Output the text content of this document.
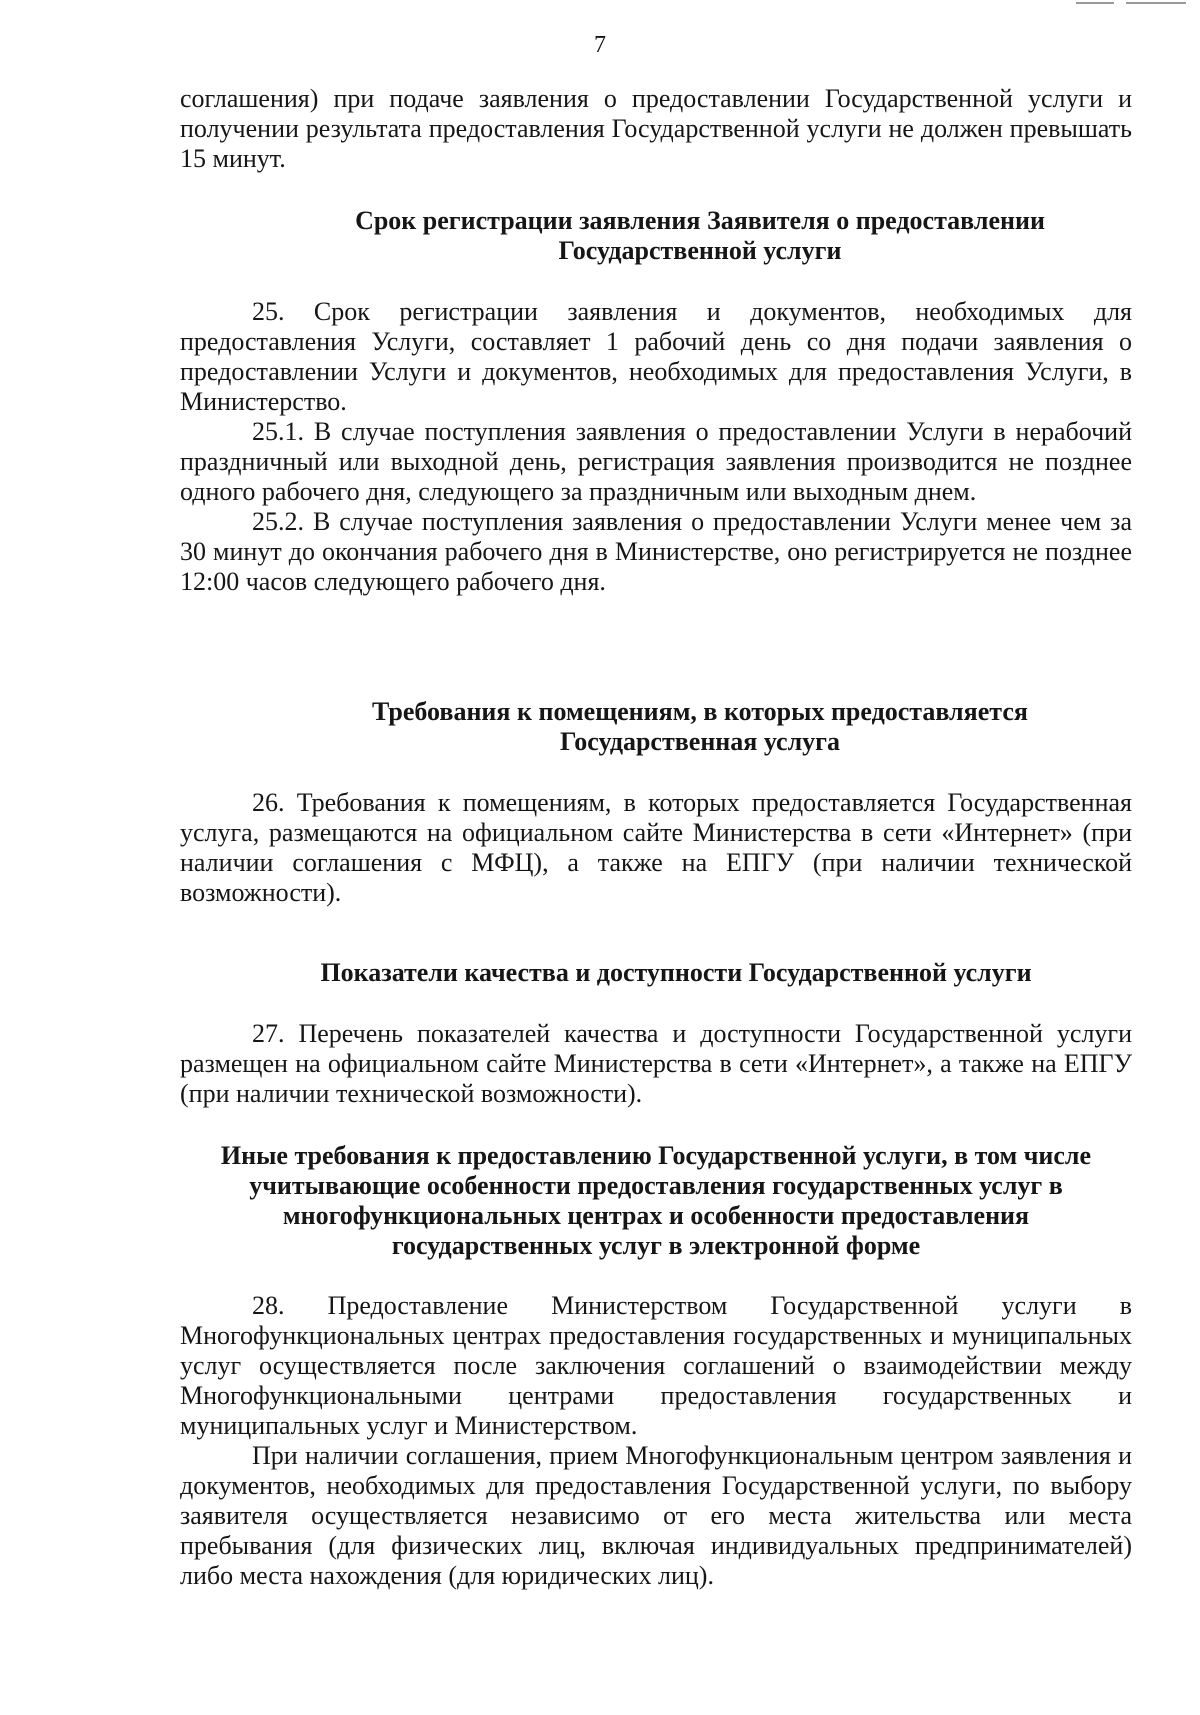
7

соглашения) при подаче заявления о предоставлении Государственной услуги и получении результата предоставления Государственной услуги не должен превышать 15 минут.

Срок регистрации заявления Заявителя о предоставлении Государственной услуги

25. Срок регистрации заявления и документов, необходимых для предоставления Услуги, составляет 1 рабочий день со дня подачи заявления о предоставлении Услуги и документов, необходимых для предоставления Услуги, в Министерство.

25.1. В случае поступления заявления о предоставлении Услуги в нерабочий праздничный или выходной день, регистрация заявления производится не позднее одного рабочего дня, следующего за праздничным или выходным днем.

25.2. В случае поступления заявления о предоставлении Услуги менее чем за 30 минут до окончания рабочего дня в Министерстве, оно регистрируется не позднее 12:00 часов следующего рабочего дня.

Требования к помещениям, в которых предоставляется Государственная услуга

26. Требования к помещениям, в которых предоставляется Государственная услуга, размещаются на официальном сайте Министерства в сети «Интернет» (при наличии соглашения с МФЦ), а также на ЕПГУ (при наличии технической возможности).

Показатели качества и доступности Государственной услуги

27. Перечень показателей качества и доступности Государственной услуги размещен на официальном сайте Министерства в сети «Интернет», а также на ЕПГУ (при наличии технической возможности).

Иные требования к предоставлению Государственной услуги, в том числе учитывающие особенности предоставления государственных услуг в многофункциональных центрах и особенности предоставления государственных услуг в электронной форме

28. Предоставление Министерством Государственной услуги в Многофункциональных центрах предоставления государственных и муниципальных услуг осуществляется после заключения соглашений о взаимодействии между Многофункциональными центрами предоставления государственных и муниципальных услуг и Министерством.

При наличии соглашения, прием Многофункциональным центром заявления и документов, необходимых для предоставления Государственной услуги, по выбору заявителя осуществляется независимо от его места жительства или места пребывания (для физических лиц, включая индивидуальных предпринимателей) либо места нахождения (для юридических лиц).
